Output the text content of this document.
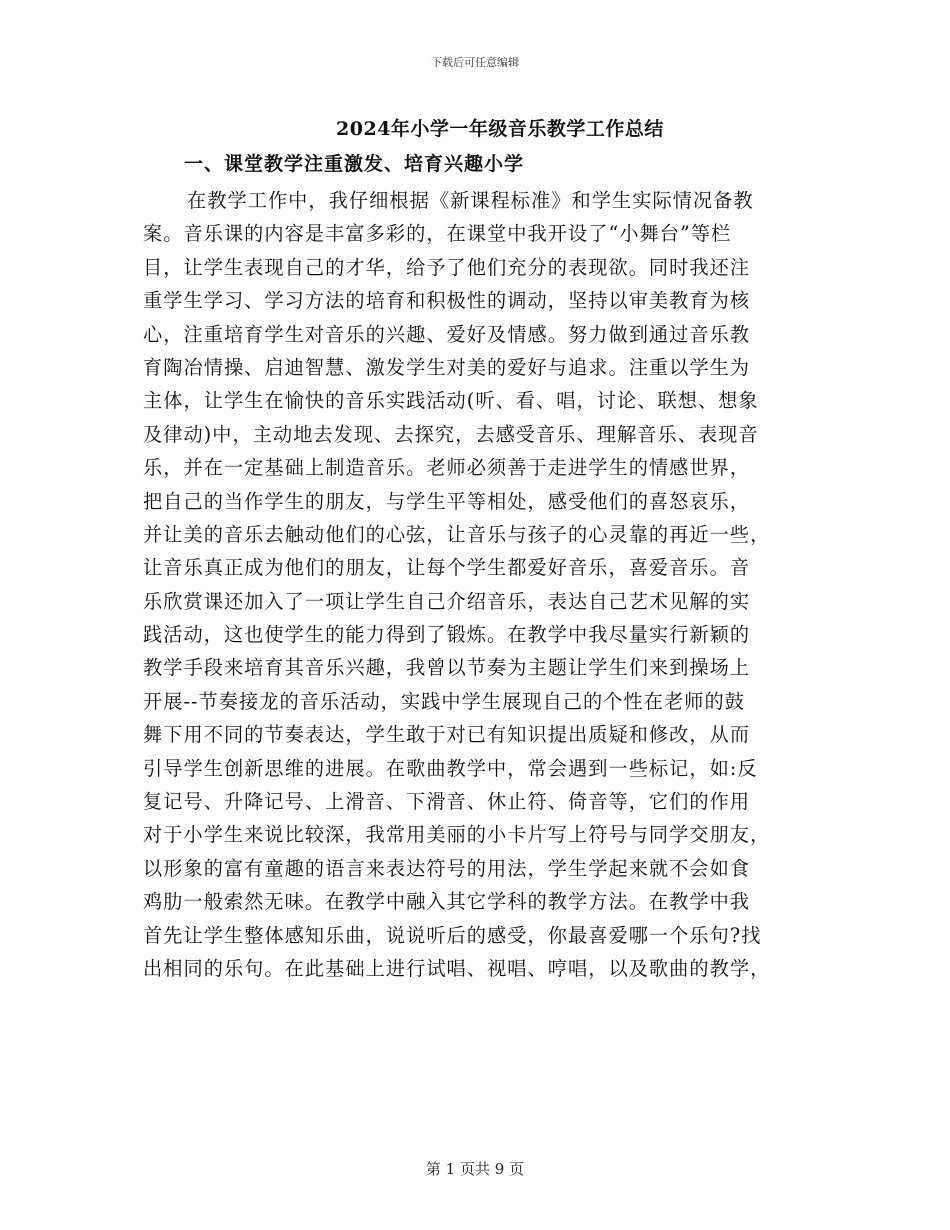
下载后可任意编辑
2024年小学一年级音乐教学工作总结
一、课堂教学注重激发、培育兴趣小学
在教学工作中，我仔细根据《新课程标准》和学生实际情况备教
案。音乐课的内容是丰富多彩的，在课堂中我开设了“小舞台”等栏
目，让学生表现自己的才华，给予了他们充分的表现欲。同时我还注
重学生学习、学习方法的培育和积极性的调动，坚持以审美教育为核
心，注重培育学生对音乐的兴趣、爱好及情感。努力做到通过音乐教
育陶冶情操、启迪智慧、激发学生对美的爱好与追求。注重以学生为
主体，让学生在愉快的音乐实践活动(听、看、唱，讨论、联想、想象
及律动)中，主动地去发现、去探究，去感受音乐、理解音乐、表现音
乐，并在一定基础上制造音乐。老师必须善于走进学生的情感世界，
把自己的当作学生的朋友，与学生平等相处，感受他们的喜怒哀乐，
并让美的音乐去触动他们的心弦，让音乐与孩子的心灵靠的再近一些，
让音乐真正成为他们的朋友，让每个学生都爱好音乐，喜爱音乐。音
乐欣赏课还加入了一项让学生自己介绍音乐，表达自己艺术见解的实
践活动，这也使学生的能力得到了锻炼。在教学中我尽量实行新颖的
教学手段来培育其音乐兴趣，我曾以节奏为主题让学生们来到操场上
开展--节奏接龙的音乐活动，实践中学生展现自己的个性在老师的鼓
舞下用不同的节奏表达，学生敢于对已有知识提出质疑和修改，从而
引导学生创新思维的进展。在歌曲教学中，常会遇到一些标记，如:反
复记号、升降记号、上滑音、下滑音、休止符、倚音等，它们的作用
对于小学生来说比较深，我常用美丽的小卡片写上符号与同学交朋友，
以形象的富有童趣的语言来表达符号的用法，学生学起来就不会如食
鸡肋一般索然无味。在教学中融入其它学科的教学方法。在教学中我
首先让学生整体感知乐曲，说说听后的感受，你最喜爱哪一个乐句?找
出相同的乐句。在此基础上进行试唱、视唱、哼唱，以及歌曲的教学，
第 1 页共 9 页
